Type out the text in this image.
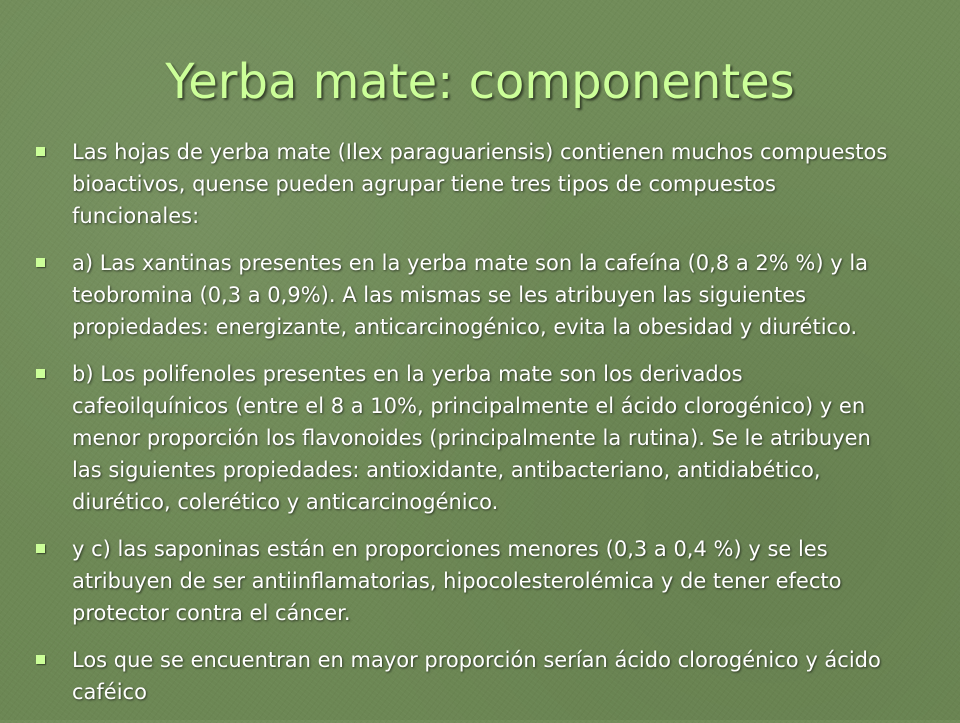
Yerba mate: componentes
Las hojas de yerba mate (Ilex paraguariensis) contienen muchos compuestos bioactivos, quense pueden agrupar tiene tres tipos de compuestos funcionales:
a) Las xantinas presentes en la yerba mate son la cafeína (0,8 a 2% %) y la teobromina (0,3 a 0,9%). A las mismas se les atribuyen las siguientes propiedades: energizante, anticarcinogénico, evita la obesidad y diurético.
b) Los polifenoles presentes en la yerba mate son los derivados cafeoilquínicos (entre el 8 a 10%, principalmente el ácido clorogénico) y en menor proporción los flavonoides (principalmente la rutina). Se le atribuyen las siguientes propiedades: antioxidante, antibacteriano, antidiabético, diurético, colerético y anticarcinogénico.
y c) las saponinas están en proporciones menores (0,3 a 0,4 %) y se les atribuyen de ser antiinflamatorias, hipocolesterolémica y de tener efecto protector contra el cáncer.
Los que se encuentran en mayor proporción serían ácido clorogénico y ácido caféico
